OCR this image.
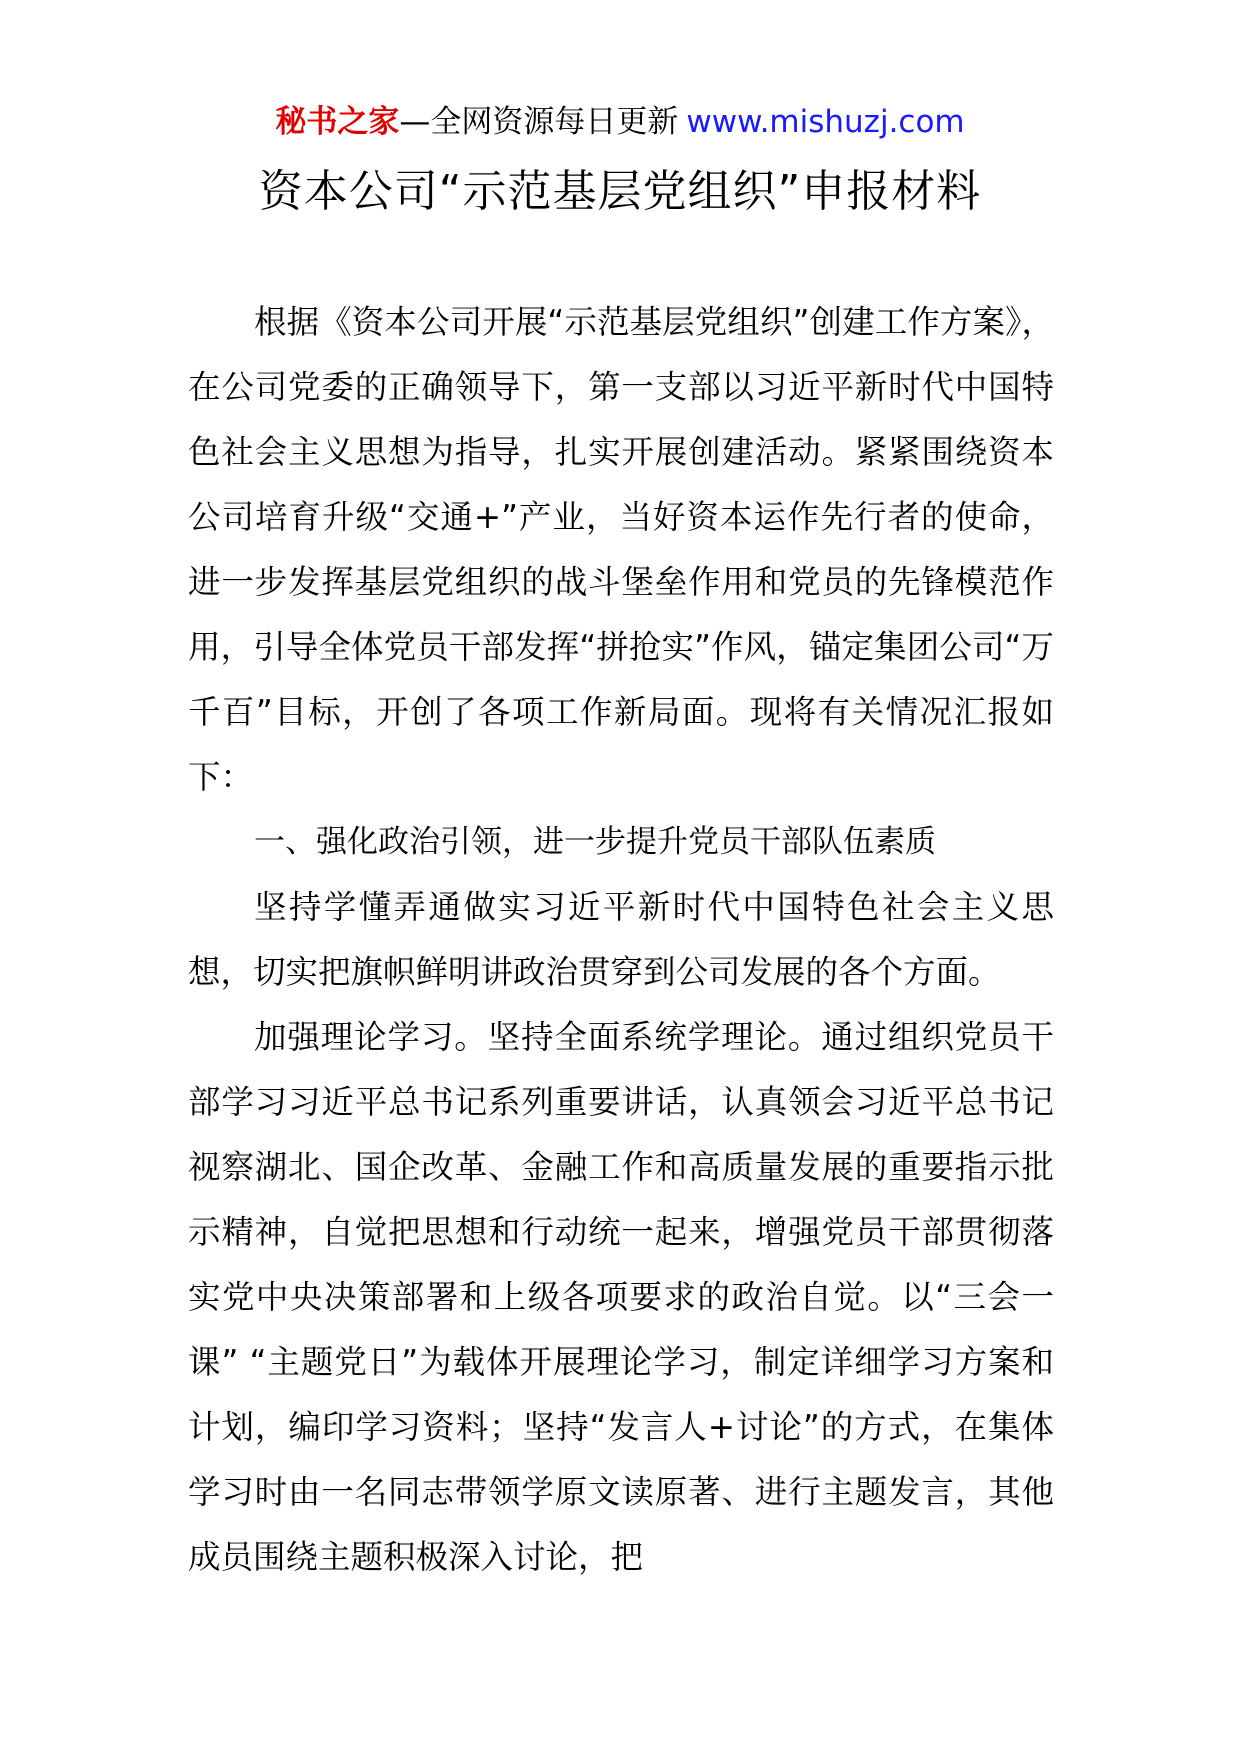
秘书之家—全网资源每日更新 www.mishuzj.com
资本公司“示范基层党组织”申报材料

根据《资本公司开展“示范基层党组织”创建工作方案》，在公司党委的正确领导下，第一支部以习近平新时代中国特色社会主义思想为指导，扎实开展创建活动。紧紧围绕资本公司培育升级“交通+”产业，当好资本运作先行者的使命，进一步发挥基层党组织的战斗堡垒作用和党员的先锋模范作用，引导全体党员干部发挥“拼抢实”作风，锚定集团公司“万千百”目标，开创了各项工作新局面。现将有关情况汇报如下：

一、强化政治引领，进一步提升党员干部队伍素质

坚持学懂弄通做实习近平新时代中国特色社会主义思想，切实把旗帜鲜明讲政治贯穿到公司发展的各个方面。

加强理论学习。坚持全面系统学理论。通过组织党员干部学习习近平总书记系列重要讲话，认真领会习近平总书记视察湖北、国企改革、金融工作和高质量发展的重要指示批示精神，自觉把思想和行动统一起来，增强党员干部贯彻落实党中央决策部署和上级各项要求的政治自觉。以“三会一课” “主题党日”为载体开展理论学习，制定详细学习方案和计划，编印学习资料；坚持“发言人+讨论”的方式，在集体学习时由一名同志带领学原文读原著、进行主题发言，其他成员围绕主题积极深入讨论，把
